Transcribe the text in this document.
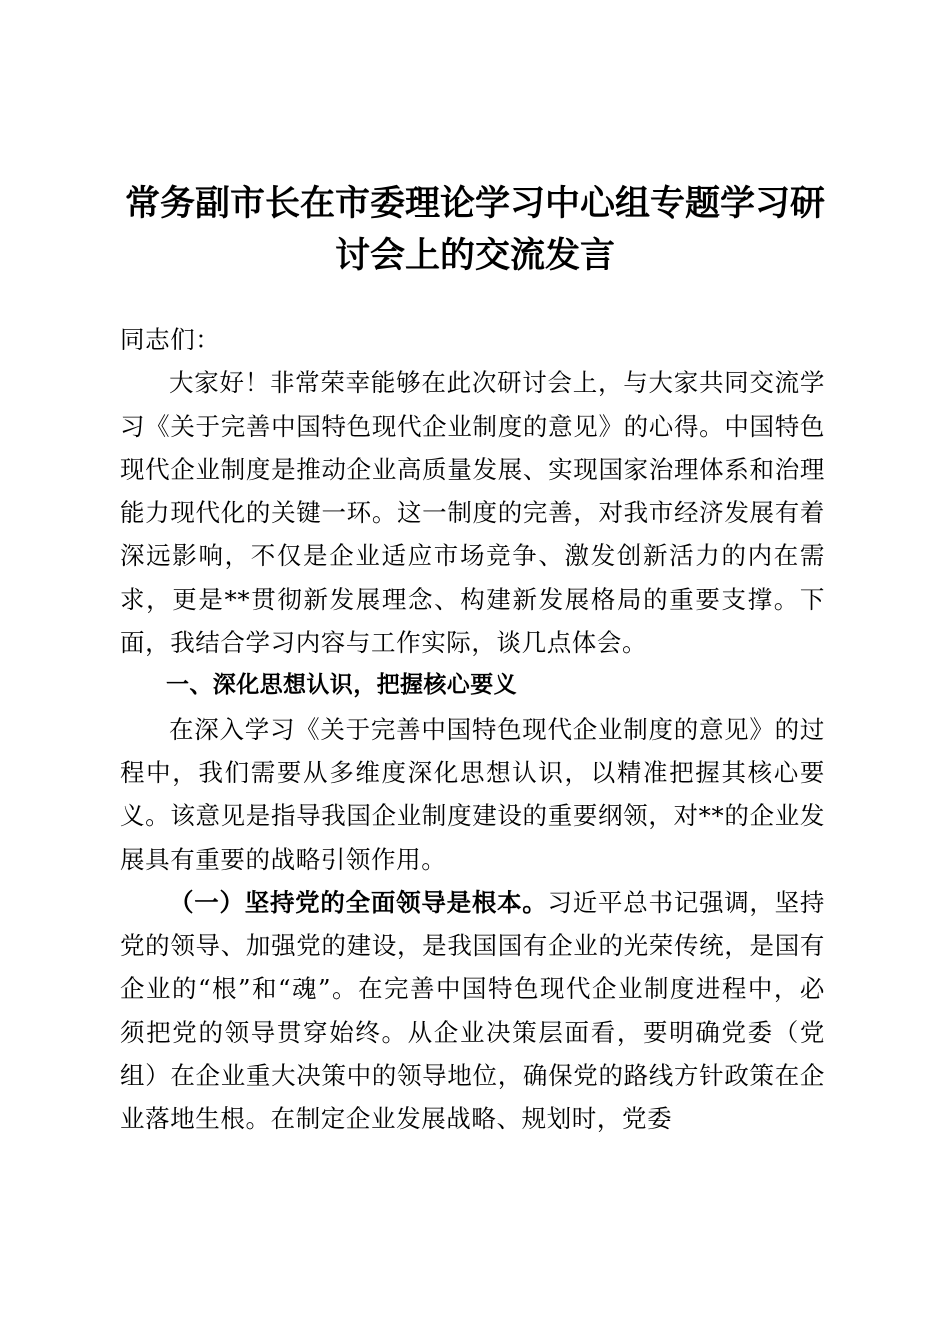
常务副市长在市委理论学习中心组专题学习研
讨会上的交流发言

同志们：

大家好！非常荣幸能够在此次研讨会上，与大家共同交流学习《关于完善中国特色现代企业制度的意见》的心得。中国特色现代企业制度是推动企业高质量发展、实现国家治理体系和治理能力现代化的关键一环。这一制度的完善，对我市经济发展有着深远影响，不仅是企业适应市场竞争、激发创新活力的内在需求，更是**贯彻新发展理念、构建新发展格局的重要支撑。下面，我结合学习内容与工作实际，谈几点体会。

一、深化思想认识，把握核心要义

在深入学习《关于完善中国特色现代企业制度的意见》的过程中，我们需要从多维度深化思想认识，以精准把握其核心要义。该意见是指导我国企业制度建设的重要纲领，对**的企业发展具有重要的战略引领作用。

（一）坚持党的全面领导是根本。习近平总书记强调，坚持党的领导、加强党的建设，是我国国有企业的光荣传统，是国有企业的“根”和“魂”。在完善中国特色现代企业制度进程中，必须把党的领导贯穿始终。从企业决策层面看，要明确党委（党组）在企业重大决策中的领导地位，确保党的路线方针政策在企业落地生根。在制定企业发展战略、规划时，党委
